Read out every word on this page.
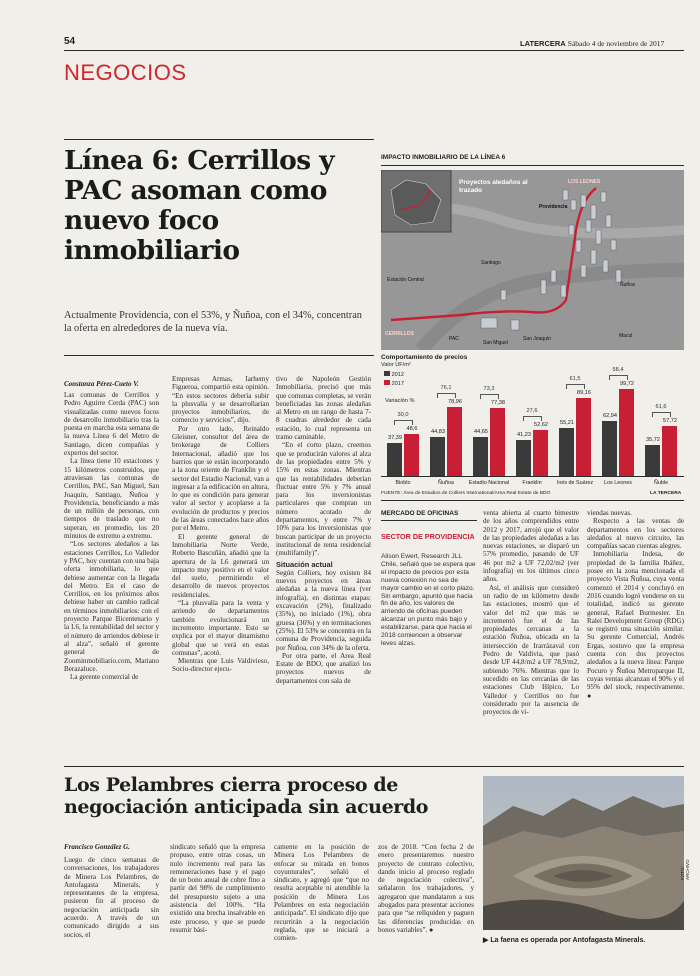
54	LATERCERA Sábado 4 de noviembre de 2017
NEGOCIOS
Línea 6: Cerrillos y PAC asoman como nuevo foco inmobiliario
Actualmente Providencia, con el 53%, y Ñuñoa, con el 34%, concentran la oferta en alrededores de la nueva vía.
Constanza Pérez-Cueto V.

Las comunas de Cerrillos y Pedro Aguirre Cerda (PAC) son visualizadas como nuevos focos de desarrollo inmobiliario tras la puesta en marcha esta semana de la nueva Línea 6 del Metro de Santiago, dicen compañías y expertos del sector.

La línea tiene 10 estaciones y 15 kilómetros construidos, que atraviesan las comunas de Cerrillos, PAC, San Miguel, San Joaquín, Santiago, Ñuñoa y Providencia, beneficiando a más de un millón de personas, con tiempos de traslado que no superan, en promedio, los 20 minutos de extremo a extremo.

“Los sectores aledaños a las estaciones Cerrillos, Lo Valledor y PAC, hoy cuentan con una baja oferta inmobiliaria, lo que debiese aumentar con la llegada del Metro. En el caso de Cerrillos, en los próximos años debiese haber un cambio radical en términos inmobiliarios: con el proyecto Parque Bicentenario y la L6, la rentabilidad del sector y el número de arriendos debiese ir al alza”, señaló el gerente general de Zoominmobiliario.com, Mariano Berazaluce.

La gerente comercial de

Empresas Armas, Iarhemy Figueroa, compartió esta opinión. “En estos sectores debería subir la plusvalía y se desarrollarían proyectos inmobiliarios, de comercio y servicios”, dijo.

Por otro lado, Reinaldo Gleisner, consultor del área de brokerage de Colliers Internacional, añadió que los barrios que se están incorporando a la zona oriente de Franklin y el sector del Estadio Nacional, van a ingresar a la edificación en altura, lo que es condición para generar valor al sector y acoplarse a la evolución de productos y precios de las áreas conectados hace años por el Metro.

El gerente general de Inmobiliaria Norte Verde, Roberto Bascuñán, añadió que la apertura de la L6 generará un impacto muy positivo en el valor del suelo, permitiendo el desarrollo de nuevos proyectos residenciales.

“La plusvalía para la venta y arriendo de departamentos también evolucionará un incremento importante. Esto se explica por el mayor dinamismo global que se verá en estas comunas”, acotó.

Mientras que Luis Valdivieso, Socio-director ejecu-

tivo de Napoleón Gestión Inmobiliaria, precisó que más que comunas completas, se verán beneficiadas las zonas aledañas al Metro en un rango de hasta 7-8 cuadras alrededor de cada estación, lo cual representa un tramo caminable.

“En el corto plazo, creemos que se producirán valores al alza de las propiedades entre 5% y 15% en estas zonas. Mientras que las rentabilidades deberían fluctuar entre 5% y 7% anual para los inversionistas particulares que compran un número acotado de departamentos, y entre 7% y 10% para los inversionistas que buscan participar de un proyecto institucional de renta residencial (multifamily)”.

Situación actual

Según Colliers, hoy existen 84 nuevos proyectos en áreas aledañas a la nueva línea (ver infografía), en distintas etapas: excavación (2%), finalizado (35%), no iniciado (1%), obra gruesa (36%) y en terminaciones (25%). El 53% se concentra en la comuna de Providencia, seguida por Ñuñoa, con 34% de la oferta.

Por otra parte, el Area Real Estate de BDO, que analizó los proyectos nuevos de departamentos con sala de

IMPACTO INMOBILIARIO DE LA LÍNEA 6
Proyectos aledaños al trazado
LOS LEONES
Providencia
Santiago
Estación Central
Ñuñoa
CERRILLOS
PAC
San Miguel
San Joaquín	Macul
Comportamiento de precios
Valor UF/m²
2012
2017
Variación %
37,39
48,6
30,0
Bioblo
44,83
78,96
76,1
Ñuñoa
44,65
77,38
73,3
Estadio Nacional
41,23
52,62
27,6
Franklin
55,21
89,16
61,5
Inés de Suárez
62,94
99,72
58,4
Los Leones
35,72
57,72
61,6
Ñuble
FUENTE: Área de Estudios de Colliers International/Area Real Estate de BDO	LA TERCERA
MERCADO DE OFICINAS
SECTOR DE PROVIDENCIA
Alison Ewert, Research JLL Chile, señaló que se espera que el impacto de precios por esta nueva conexión no sea de mayor cambio en el corto plazo. Sin embargo, apuntó que hacia fin de año, los valores de arriendo de oficinas pueden alcanzar un punto más bajo y estabilizarse, para que hacia el 2018 comiencen a observar leves alzas.

venta abierta al cuarto bimestre de los años comprendidos entre 2012 y 2017, arrojó que el valor de las propiedades aledañas a las nuevas estaciones, se disparó un 57% promedio, pasando de UF 46 por m2 a UF 72,02/m2 (ver infografía) en los últimos cinco años.

Así, el análisis que consideró un radio de un kilómetro desde las estaciones, mostró que el valor del m2 que más se incrementó fue el de las propiedades cercanas a la estación Ñuñoa, ubicada en la intersección de Irarrázaval con Pedro de Valdivia, que pasó desde UF 44,8/m2 a UF 78,9/m2, subiendo 76%. Mientras que lo sucedido en las cercanías de las estaciones Club Hípico, Lo Valledor y Cerrillos no fue considerado por la ausencia de proyectos de vi-

viendas nuevas.

Respecto a las ventas de departamentos en los sectores aledaños al nuevo circuito, las compañías sacan cuentas alegres.

Inmobiliaria Indesa, de propiedad de la familia Ibáñez, posee en la zona mencionada el proyecto Vista Ñuñoa, cuya venta comenzó el 2014 y concluyó en 2016 cuando logró venderse en su totalidad, indicó su gerente general, Rafael Burmester. En Ralei Development Group (RDG) se registró una situación similar. Su gerente Comercial, Andrés Ergas, sostuvo que la empresa cuenta con dos proyectos aledaños a la nueva línea: Parque Pocuro y Ñuñoa Metroparque II, cuyas ventas alcanzan el 90% y el 95% del stock, respectivamente. ●

Los Pelambres cierra proceso de negociación anticipada sin acuerdo
Francisco González G.

Luego de cinco semanas de conversaciones, los trabajadores de Minera Los Pelambres, de Antofagasta Minerals, y representantes de la empresa, pusieron fin al proceso de negociación anticipada sin acuerdo. A través de un comunicado dirigido a sus socios, el

sindicato señaló que la empresa propuso, entre otras cosas, un nulo incremento real para las remuneraciones base y el pago de un bono anual de cobre fino a partir del 98% de cumplimiento del presupuesto sujeto a una asistencia del 100%. “Ha existido una brecha insalvable en este proceso, y que se puede resumir bási-

camente en la posición de Minera Los Pelambres de enfocar su mirada en bonos coyunturales”, señaló el sindicato, y agregó que “que no resulta aceptable ni atendible la posición de Minera Los Pelambres en esta negociación anticipada”. El sindicato dijo que recurrirán a la negociación reglada, que se iniciará a comien-

zos de 2018. “Con fecha 2 de enero presentaremos nuestro proyecto de contrato colectivo, dando inicio al proceso reglado de negociación colectiva”, señalaron los trabajadores, y agregaron que mandataron a sus abogados para presentar acciones para que “se rellquiden y paguen las diferencias producidas en bonos variables”. ●

FOTO: ARCHIVO
▶ La faena es operada por Antofagasta Minerals.
